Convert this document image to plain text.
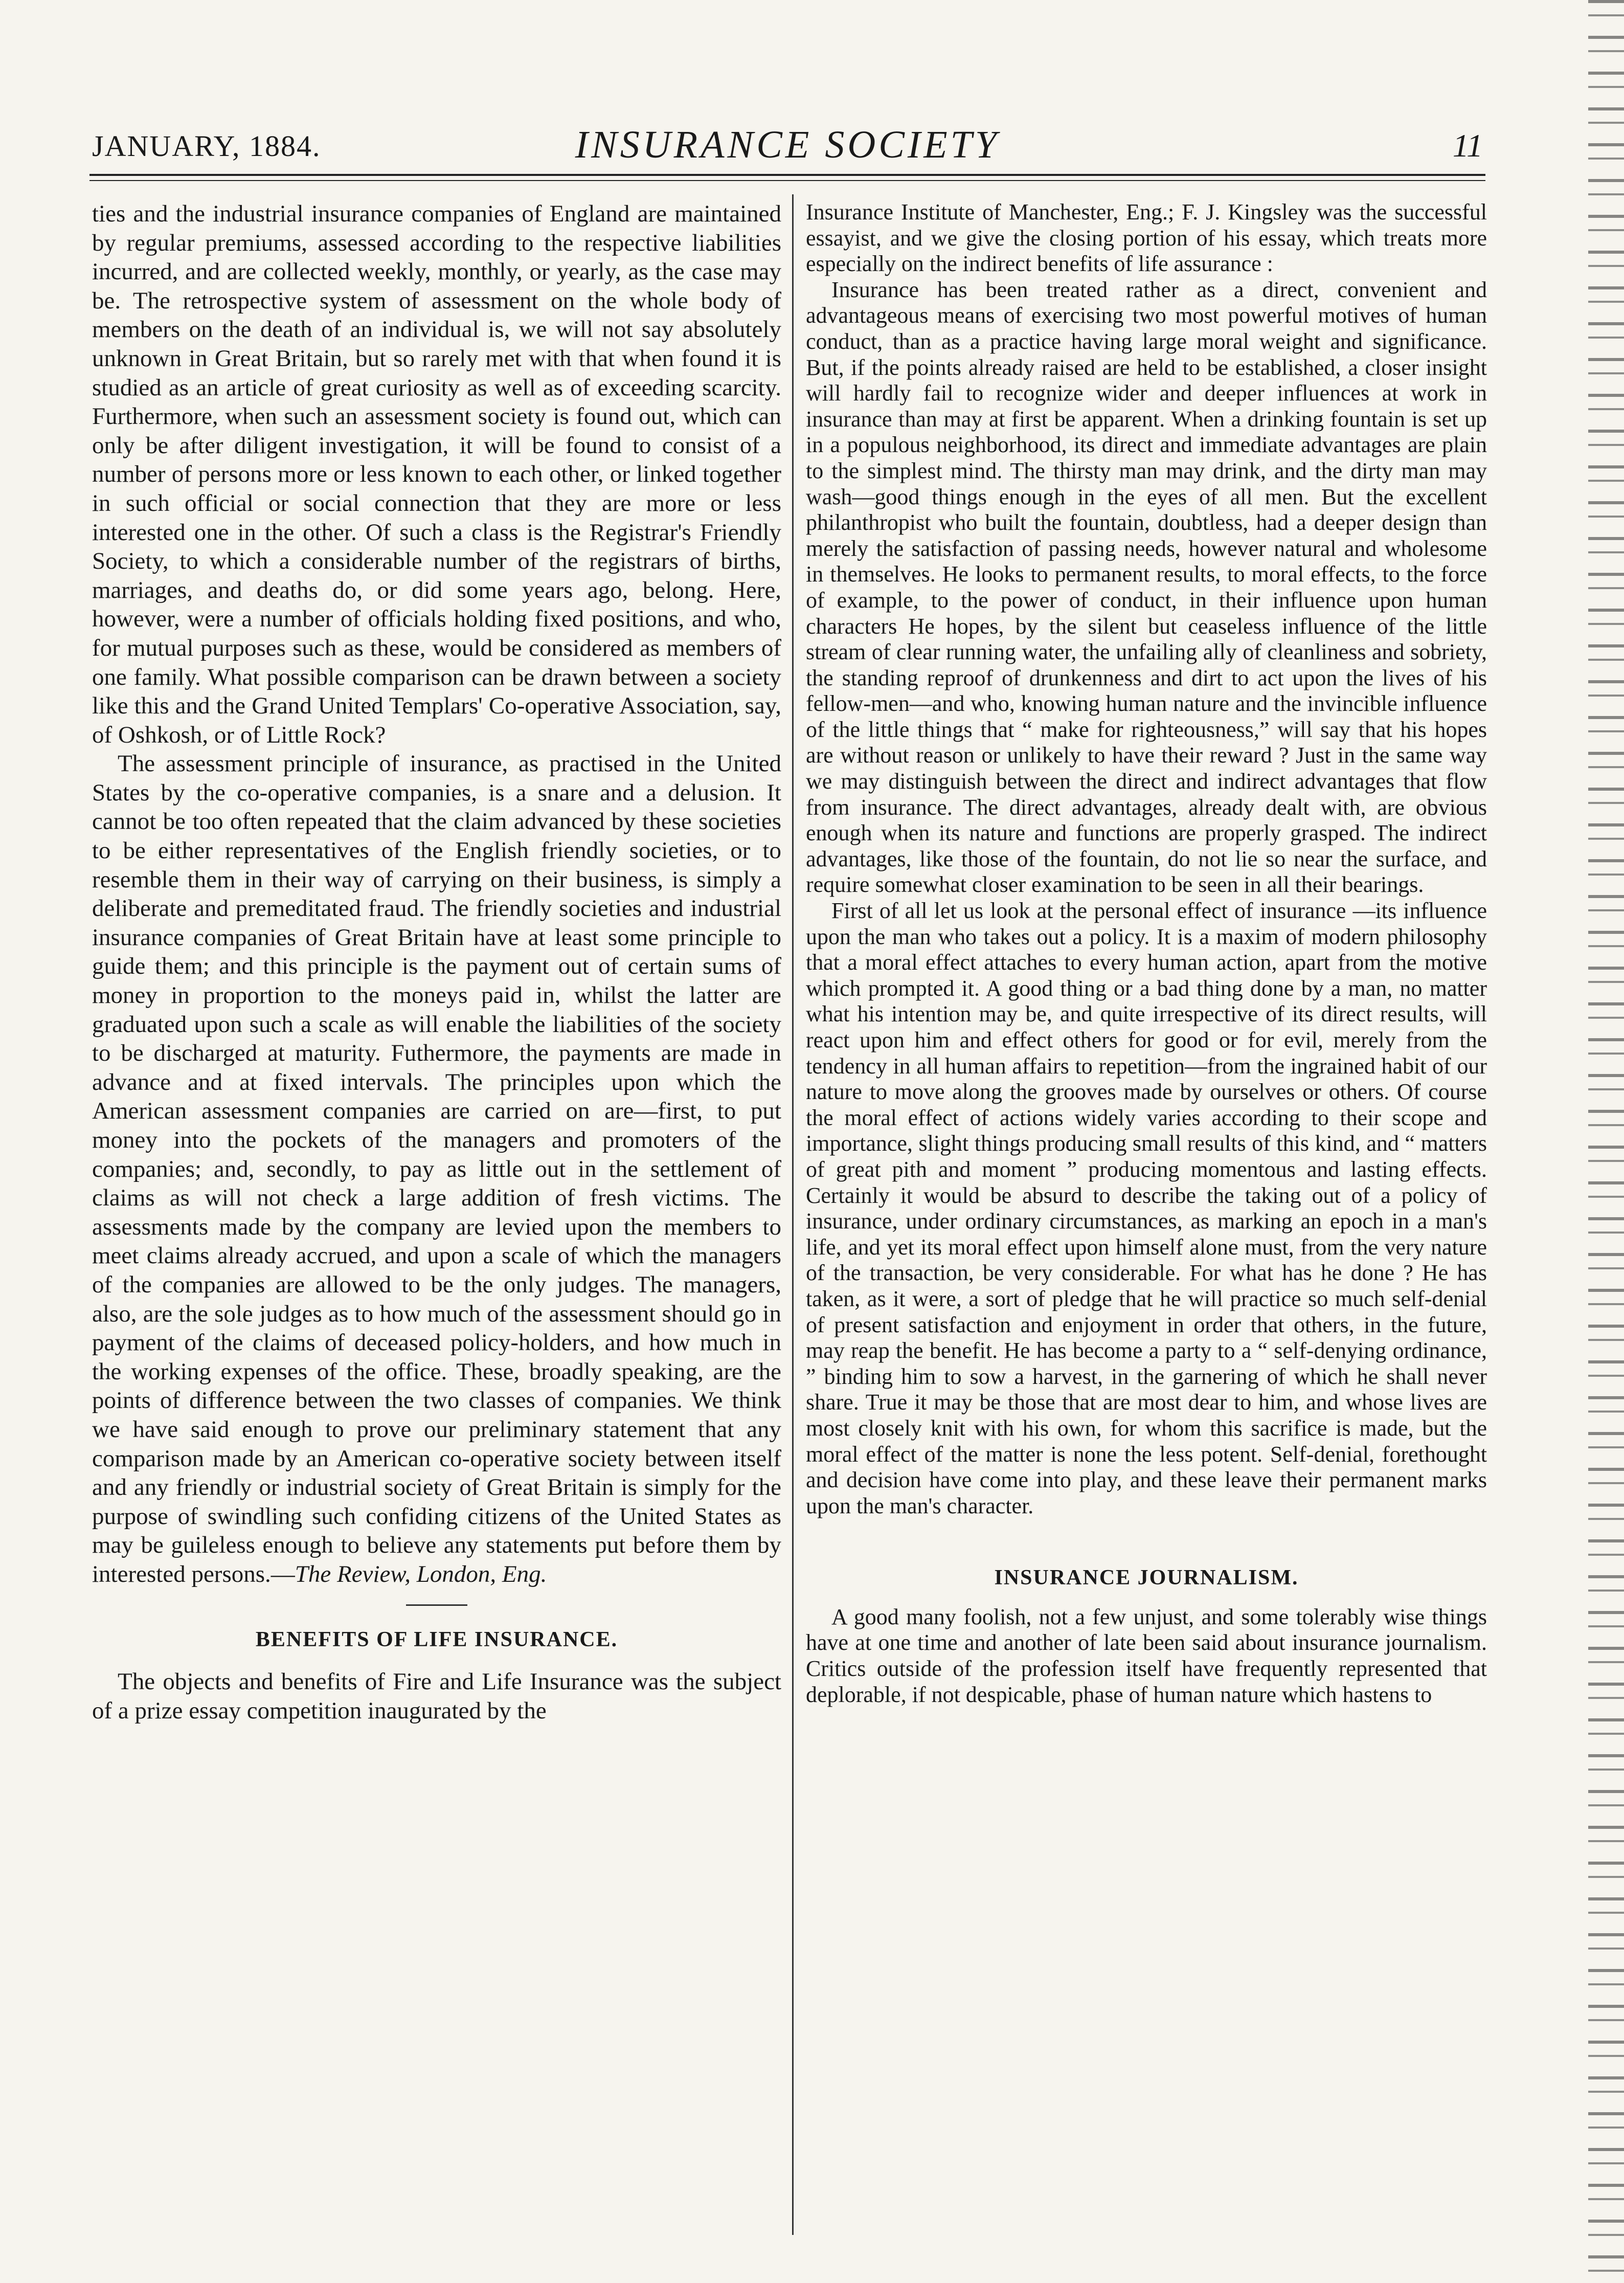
JANUARY, 1884.	INSURANCE SOCIETY	11

ties and the industrial insurance companies of England are maintained by regular premiums, assessed according to the respective liabilities incurred, and are collected weekly, monthly, or yearly, as the case may be. The retrospective system of assessment on the whole body of members on the death of an individual is, we will not say absolutely unknown in Great Britain, but so rarely met with that when found it is studied as an article of great curiosity as well as of exceeding scarcity. Furthermore, when such an assessment society is found out, which can only be after diligent investigation, it will be found to consist of a number of persons more or less known to each other, or linked together in such official or social connection that they are more or less interested one in the other. Of such a class is the Registrar's Friendly Society, to which a considerable number of the registrars of births, marriages, and deaths do, or did some years ago, belong. Here, however, were a number of officials holding fixed positions, and who, for mutual purposes such as these, would be considered as members of one family. What possible comparison can be drawn between a society like this and the Grand United Templars' Co-operative Association, say, of Oshkosh, or of Little Rock?

The assessment principle of insurance, as practised in the United States by the co-operative companies, is a snare and a delusion. It cannot be too often repeated that the claim advanced by these societies to be either representatives of the English friendly societies, or to resemble them in their way of carrying on their business, is simply a deliberate and premeditated fraud. The friendly societies and industrial insurance companies of Great Britain have at least some principle to guide them; and this principle is the payment out of certain sums of money in proportion to the moneys paid in, whilst the latter are graduated upon such a scale as will enable the liabilities of the society to be discharged at maturity. Futhermore, the payments are made in advance and at fixed intervals. The principles upon which the American assessment companies are carried on are—first, to put money into the pockets of the managers and promoters of the companies; and, secondly, to pay as little out in the settlement of claims as will not check a large addition of fresh victims. The assessments made by the company are levied upon the members to meet claims already accrued, and upon a scale of which the managers of the companies are allowed to be the only judges. The managers, also, are the sole judges as to how much of the assessment should go in payment of the claims of deceased policy-holders, and how much in the working expenses of the office. These, broadly speaking, are the points of difference between the two classes of companies. We think we have said enough to prove our preliminary statement that any comparison made by an American co-operative society between itself and any friendly or industrial society of Great Britain is simply for the purpose of swindling such confiding citizens of the United States as may be guileless enough to believe any statements put before them by interested persons.—The Review, London, Eng.

BENEFITS OF LIFE INSURANCE.

The objects and benefits of Fire and Life Insurance was the subject of a prize essay competition inaugurated by the

Insurance Institute of Manchester, Eng.; F. J. Kingsley was the successful essayist, and we give the closing portion of his essay, which treats more especially on the indirect benefits of life assurance :

Insurance has been treated rather as a direct, convenient and advantageous means of exercising two most powerful motives of human conduct, than as a practice having large moral weight and significance. But, if the points already raised are held to be established, a closer insight will hardly fail to recognize wider and deeper influences at work in insurance than may at first be apparent. When a drinking fountain is set up in a populous neighborhood, its direct and immediate advantages are plain to the simplest mind. The thirsty man may drink, and the dirty man may wash—good things enough in the eyes of all men. But the excellent philanthropist who built the fountain, doubtless, had a deeper design than merely the satisfaction of passing needs, however natural and wholesome in themselves. He looks to permanent results, to moral effects, to the force of example, to the power of conduct, in their influence upon human characters He hopes, by the silent but ceaseless influence of the little stream of clear running water, the unfailing ally of cleanliness and sobriety, the standing reproof of drunkenness and dirt to act upon the lives of his fellow-men—and who, knowing human nature and the invincible influence of the little things that “ make for righteousness,” will say that his hopes are without reason or unlikely to have their reward ? Just in the same way we may distinguish between the direct and indirect advantages that flow from insurance. The direct advantages, already dealt with, are obvious enough when its nature and functions are properly grasped. The indirect advantages, like those of the fountain, do not lie so near the surface, and require somewhat closer examination to be seen in all their bearings.

First of all let us look at the personal effect of insurance —its influence upon the man who takes out a policy. It is a maxim of modern philosophy that a moral effect attaches to every human action, apart from the motive which prompted it. A good thing or a bad thing done by a man, no matter what his intention may be, and quite irrespective of its direct results, will react upon him and effect others for good or for evil, merely from the tendency in all human affairs to repetition—from the ingrained habit of our nature to move along the grooves made by ourselves or others. Of course the moral effect of actions widely varies according to their scope and importance, slight things producing small results of this kind, and “ matters of great pith and moment ” producing momentous and lasting effects. Certainly it would be absurd to describe the taking out of a policy of insurance, under ordinary circumstances, as marking an epoch in a man's life, and yet its moral effect upon himself alone must, from the very nature of the transaction, be very considerable. For what has he done ? He has taken, as it were, a sort of pledge that he will practice so much self-denial of present satisfaction and enjoyment in order that others, in the future, may reap the benefit. He has become a party to a “ self-denying ordinance, ” binding him to sow a harvest, in the garnering of which he shall never share. True it may be those that are most dear to him, and whose lives are most closely knit with his own, for whom this sacrifice is made, but the moral effect of the matter is none the less potent. Self-denial, forethought and decision have come into play, and these leave their permanent marks upon the man's character.

INSURANCE JOURNALISM.

A good many foolish, not a few unjust, and some tolerably wise things have at one time and another of late been said about insurance journalism. Critics outside of the profession itself have frequently represented that deplorable, if not despicable, phase of human nature which hastens to
